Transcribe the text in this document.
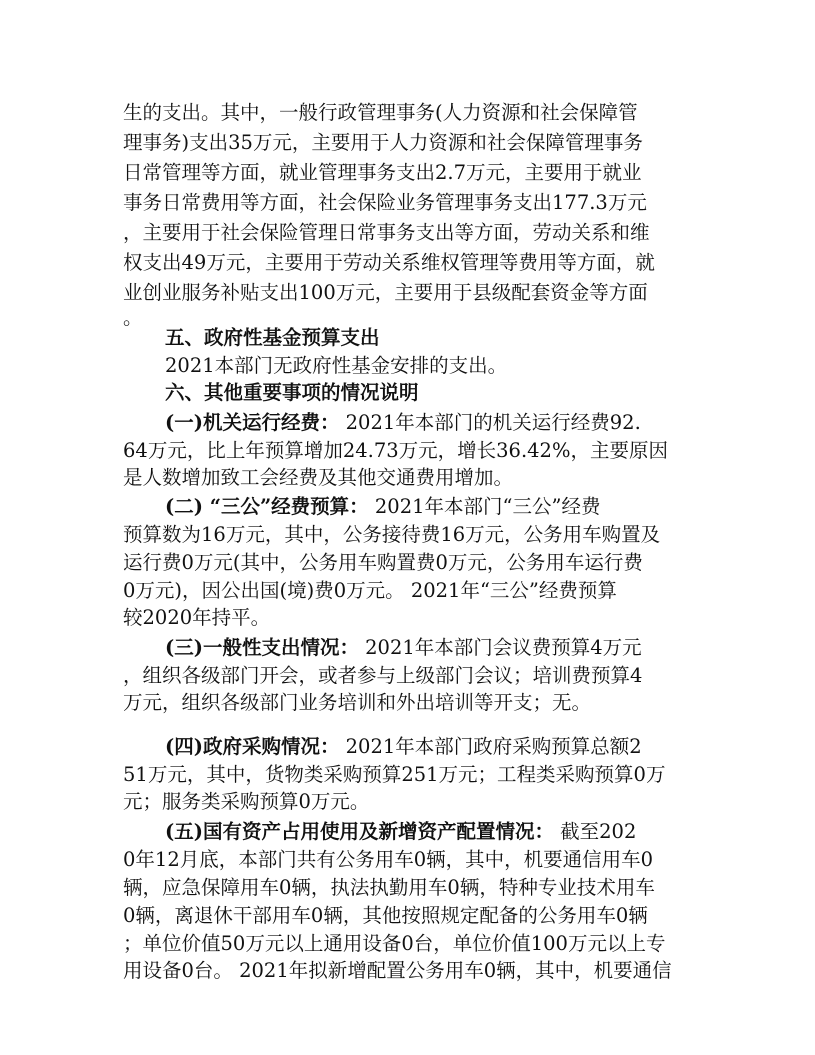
生的支出。其中，一般行政管理事务(人力资源和社会保障管
理事务)支出35万元，主要用于人力资源和社会保障管理事务
日常管理等方面，就业管理事务支出2.7万元，主要用于就业
事务日常费用等方面，社会保险业务管理事务支出177.3万元
，主要用于社会保险管理日常事务支出等方面，劳动关系和维
权支出49万元，主要用于劳动关系维权管理等费用等方面，就
业创业服务补贴支出100万元，主要用于县级配套资金等方面
。
五、政府性基金预算支出
2021本部门无政府性基金安排的支出。
六、其他重要事项的情况说明
(一)机关运行经费： 2021年本部门的机关运行经费92.
64万元，比上年预算增加24.73万元，增长36.42%，主要原因
是人数增加致工会经费及其他交通费用增加。
(二) “三公”经费预算： 2021年本部门“三公”经费
预算数为16万元，其中，公务接待费16万元，公务用车购置及
运行费0万元(其中，公务用车购置费0万元，公务用车运行费
0万元)，因公出国(境)费0万元。 2021年“三公”经费预算
较2020年持平。
(三)一般性支出情况： 2021年本部门会议费预算4万元
，组织各级部门开会，或者参与上级部门会议；培训费预算4
万元，组织各级部门业务培训和外出培训等开支；无。
(四)政府采购情况： 2021年本部门政府采购预算总额2
51万元，其中，货物类采购预算251万元；工程类采购预算0万
元；服务类采购预算0万元。
(五)国有资产占用使用及新增资产配置情况： 截至202
0年12月底，本部门共有公务用车0辆，其中，机要通信用车0
辆，应急保障用车0辆，执法执勤用车0辆，特种专业技术用车
0辆，离退休干部用车0辆，其他按照规定配备的公务用车0辆
；单位价值50万元以上通用设备0台，单位价值100万元以上专
用设备0台。 2021年拟新增配置公务用车0辆，其中，机要通信
